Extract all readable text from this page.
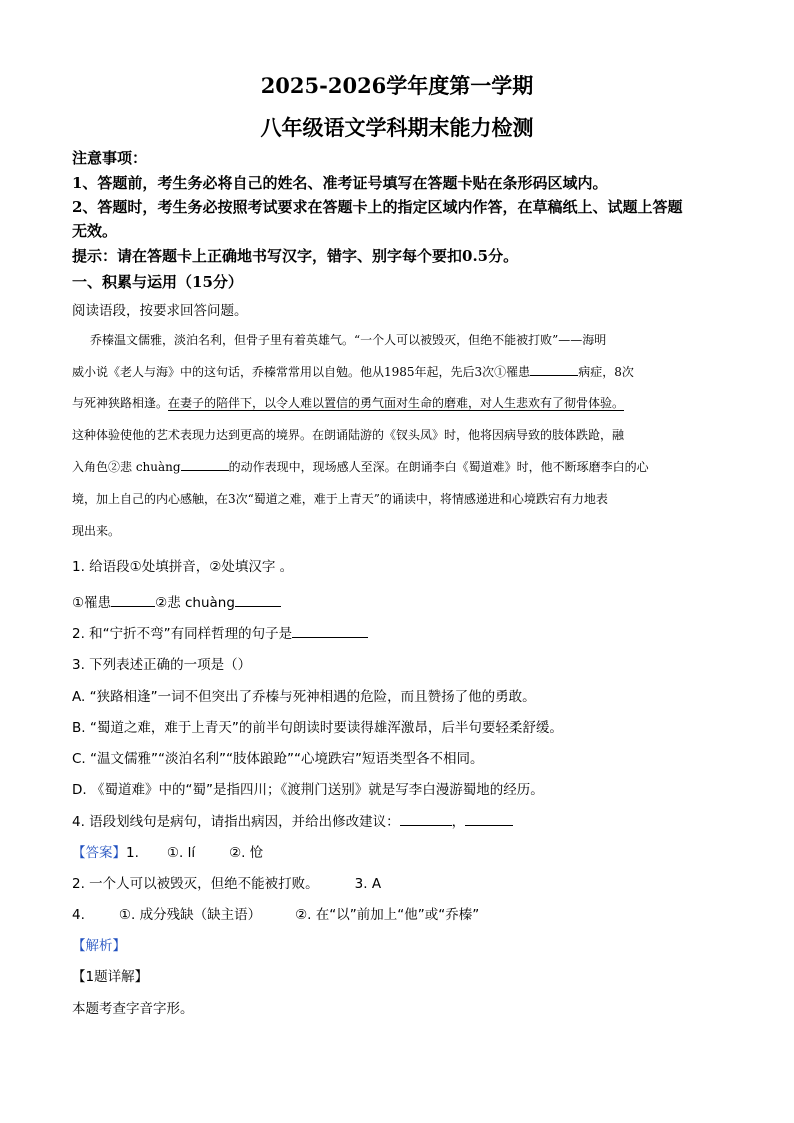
2025-2026学年度第一学期
八年级语文学科期末能力检测
注意事项：
1、答题前，考生务必将自己的姓名、准考证号填写在答题卡贴在条形码区域内。
2、答题时，考生务必按照考试要求在答题卡上的指定区域内作答，在草稿纸上、试题上答题
无效。
提示：请在答题卡上正确地书写汉字，错字、别字每个要扣0.5分。
一、积累与运用（15分）
阅读语段，按要求回答问题。
乔榛温文儒雅，淡泊名利，但骨子里有着英雄气。“一个人可以被毁灭，但绝不能被打败”——海明
威小说《老人与海》中的这句话，乔榛常常用以自勉。他从1985年起，先后3次①罹患	病症，8次
与死神狭路相逢。在妻子的陪伴下，以令人难以置信的勇气面对生命的磨难，对人生悲欢有了彻骨体验。
这种体验使他的艺术表现力达到更高的境界。在朗诵陆游的《钗头凤》时，他将因病导致的肢体跌跄，融
入角色②悲 chuàng	的动作表现中，现场感人至深。在朗诵李白《蜀道难》时，他不断琢磨李白的心
境，加上自己的内心感触，在3次“蜀道之难，难于上青天”的诵读中，将情感递进和心境跌宕有力地表
现出来。
1. 给语段①处填拼音，②处填汉字 。
①罹患	②悲 chuàng
2. 和“宁折不弯”有同样哲理的句子是
3. 下列表述正确的一项是（）
A. “狭路相逢”一词不但突出了乔榛与死神相遇的危险，而且赞扬了他的勇敢。
B. “蜀道之难，难于上青天”的前半句朗读时要读得雄浑激昂，后半句要轻柔舒缓。
C. “温文儒雅”“淡泊名利”“肢体踉跄”“心境跌宕”短语类型各不相同。
D. 《蜀道难》中的“蜀”是指四川；《渡荆门送别》就是写李白漫游蜀地的经历。
4. 语段划线句是病句，请指出病因，并给出修改建议：	，
【答案】1. ①. lí	②. 怆
2. 一个人可以被毁灭，但绝不能被打败。	3. A
4.	①. 成分残缺（缺主语）	②. 在“以”前加上“他”或“乔榛”
【解析】
【1题详解】
本题考查字音字形。
